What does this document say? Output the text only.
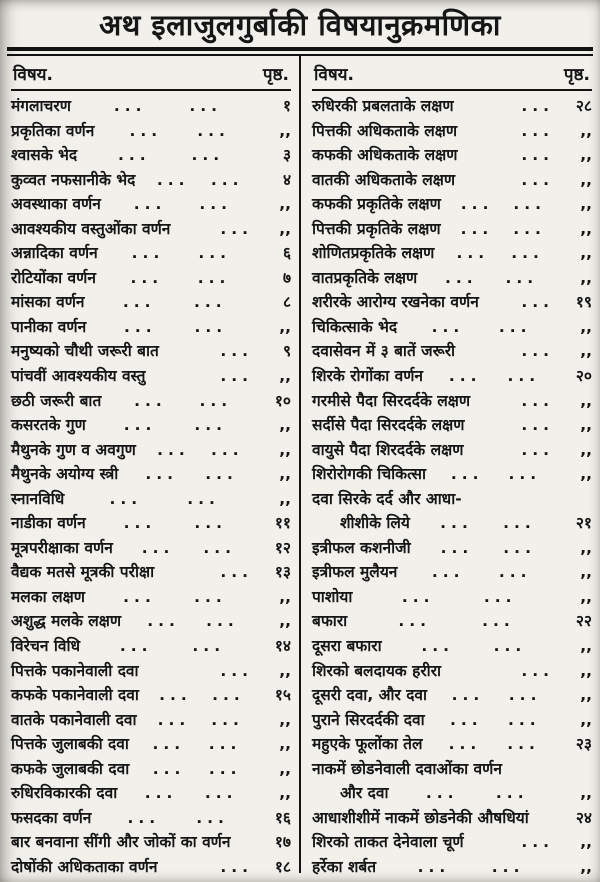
अथ इलाजुलगुर्बाकी विषयानुक्रमणिका
विषय.	पृष्ठ.
मंगलाचरण	...	...	१
प्रकृतिका वर्णन ... ...	,,
श्वासके भेद	...	...	३
कुव्वत नफसानीके भेद ... ...	४
अवस्थाका वर्णन ... ...	,,
आवश्यकीय वस्तुओंका वर्णन	...	,,
अन्नादिका वर्णन ... ...	६
रोटियोंका वर्णन ... ...	७
मांसका वर्णन ... ...	८
पानीका वर्णन ... ...	,,
मनुष्यको चौथी जरूरी बात	...	९
पांचवीं आवश्यकीय वस्तु	...	,,
छठी जरूरी बात ... ...	१०
कसरतके गुण ... ...	,,
मैथुनके गुण व अवगुण ... ...	,,
मैथुनके अयोग्य स्त्री ... ...	,,
स्नानविधि	...	...	,,
नाडीका वर्णन ... ...	११
मूत्रपरीक्षाका वर्णन ... ...	१२
वैद्यक मतसे मूत्रकी परीक्षा	...	१३
मलका लक्षण ... ...	,,
अशुद्ध मलके लक्षण ... ...	,,
विरेचन विधि	...	...	१४
पित्तके पकानेवाली दवा	...	,,
कफके पकानेवाली दवा ... ...	१५
वातके पकानेवाली दवा ... ...	,,
पित्तके जुलाबकी दवा ... ...	,,
कफके जुलाबकी दवा ... ...	,,
रुधिरविकारकी दवा ... ...	,,
फसदका वर्णन ... ...	१६
बार बनवाना सींगी और जोकों का वर्णन	१७
दोषोंकी अधिकताका वर्णन	...	१८
विषय.	पृष्ठ.
रुधिरकी प्रबलताके लक्षण	...	२८
पित्तकी अधिकताके लक्षण	...	,,
कफकी अधिकताके लक्षण	...	,,
वातकी अधिकताके लक्षण	...	,,
कफकी प्रकृतिके लक्षण ... ...	,,
पित्तकी प्रकृतिके लक्षण ... ...	,,
शोणितप्रकृतिके लक्षण ... ...	,,
वातप्रकृतिके लक्षण ... ...	,,
शरीरके आरोग्य रखनेका वर्णन	...	१९
चिकित्साके भेद ... ...	,,
दवासेवन में ३ बातें जरूरी	...	,,
शिरके रोगोंका वर्णन ... ...	२०
गरमीसे पैदा सिरदर्दके लक्षण	...	,,
सर्दीसे पैदा सिरदर्दके लक्षण	...	,,
वायुसे पैदा शिरदर्दके लक्षण	...	,,
शिरोरोगकी चिकित्सा ... ...	,,
दवा सिरके दर्द और आधा-
शीशीके लिये ... ...	२१
इत्रीफल कशनीजी ... ...	,,
इत्रीफल मुलैयन ... ...	,,
पाशोया	...	...	,,
बफारा	...	...	२२
दूसरा बफारा	...	...	,,
शिरको बलदायक हरीरा	...	,,
दूसरी दवा, और दवा ... ...	,,
पुराने सिरदर्दकी दवा ... ...	,,
महुएके फूलोंका तेल ... ...	२३
नाकमें छोडनेवाली दवाओंका वर्णन
और दवा ... ...	,,
आधाशीशीमें नाकमें छोडनेकी औषधियां	२४
शिरको ताकत देनेवाला चूर्ण	...	,,
हर्रेका शर्बत	...	...	,,
